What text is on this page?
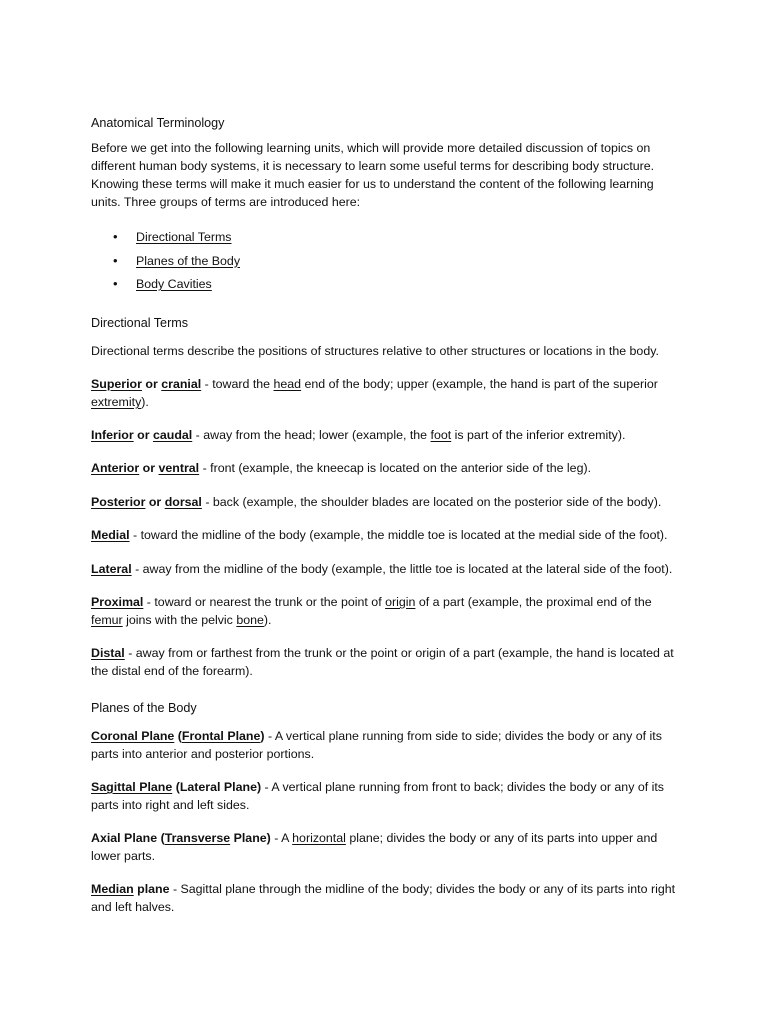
Anatomical Terminology

Before we get into the following learning units, which will provide more detailed discussion of topics on different human body systems, it is necessary to learn some useful terms for describing body structure. Knowing these terms will make it much easier for us to understand the content of the following learning units. Three groups of terms are introduced here:

• Directional Terms
• Planes of the Body
• Body Cavities

Directional Terms

Directional terms describe the positions of structures relative to other structures or locations in the body.

Superior or cranial - toward the head end of the body; upper (example, the hand is part of the superior extremity).

Inferior or caudal - away from the head; lower (example, the foot is part of the inferior extremity).

Anterior or ventral - front (example, the kneecap is located on the anterior side of the leg).

Posterior or dorsal - back (example, the shoulder blades are located on the posterior side of the body).

Medial - toward the midline of the body (example, the middle toe is located at the medial side of the foot).

Lateral - away from the midline of the body (example, the little toe is located at the lateral side of the foot).

Proximal - toward or nearest the trunk or the point of origin of a part (example, the proximal end of the femur joins with the pelvic bone).

Distal - away from or farthest from the trunk or the point or origin of a part (example, the hand is located at the distal end of the forearm).

Planes of the Body

Coronal Plane (Frontal Plane) - A vertical plane running from side to side; divides the body or any of its parts into anterior and posterior portions.

Sagittal Plane (Lateral Plane) - A vertical plane running from front to back; divides the body or any of its parts into right and left sides.

Axial Plane (Transverse Plane) - A horizontal plane; divides the body or any of its parts into upper and lower parts.

Median plane - Sagittal plane through the midline of the body; divides the body or any of its parts into right and left halves.
